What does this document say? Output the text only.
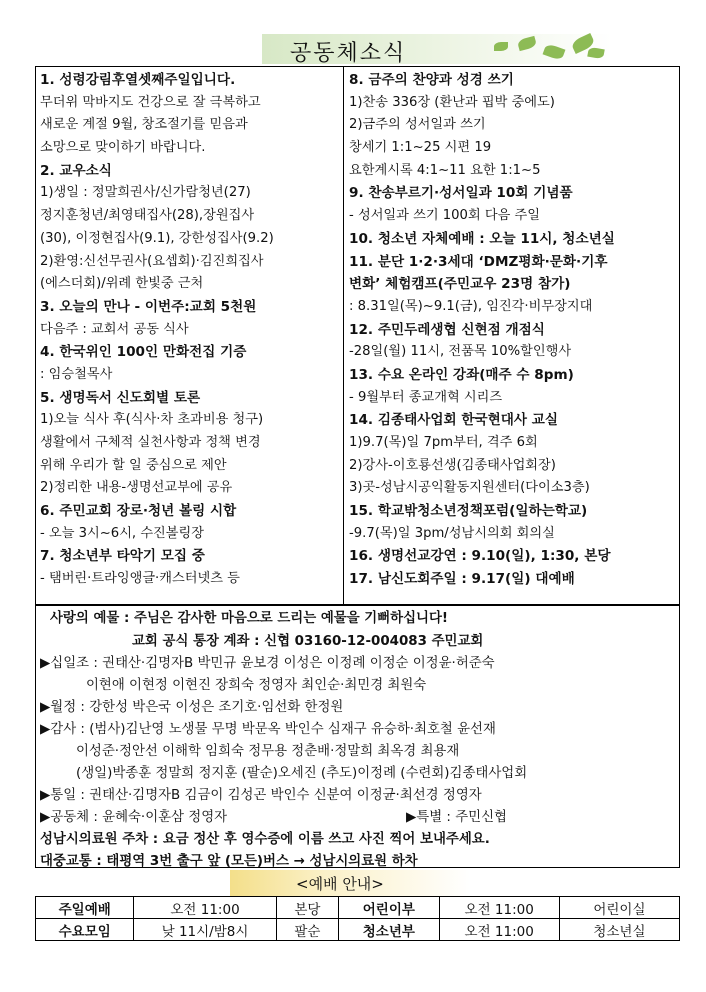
공동체소식
1. 성령강림후열셋째주일입니다.
무더위 막바지도 건강으로 잘 극복하고
새로운 계절 9월, 창조절기를 믿음과
소망으로 맞이하기 바랍니다.
2. 교우소식
1)생일 : 정말희권사/신가람청년(27)
정지훈청년/최영태집사(28),장원집사
(30), 이정현집사(9.1), 강한성집사(9.2)
2)환영:신선무권사(요셉회)·김진희집사
(에스더회)/위례 한빛중 근처
3. 오늘의 만나 - 이번주:교회 5천원
다음주 : 교회서 공동 식사
4. 한국위인 100인 만화전집 기증
: 임승철목사
5. 생명독서 신도회별 토론
1)오늘 식사 후(식사·차 초과비용 청구)
생활에서 구체적 실천사항과 정책 변경
위해 우리가 할 일 중심으로 제안
2)정리한 내용-생명선교부에 공유
6. 주민교회 장로·청년 볼링 시합
- 오늘 3시~6시, 수진볼링장
7. 청소년부 타악기 모집 중
- 탬버린·트라잉앵글·캐스터넷츠 등
8. 금주의 찬양과 성경 쓰기
1)찬송 336장 (환난과 핍박 중에도)
2)금주의 성서일과 쓰기
창세기 1:1~25 시편 19
요한계시록 4:1~11 요한 1:1~5
9. 찬송부르기·성서일과 10회 기념품
- 성서일과 쓰기 100회 다음 주일
10. 청소년 자체예배 : 오늘 11시, 청소년실
11. 분단 1·2·3세대 ‘DMZ평화·문화·기후
변화’ 체험캠프(주민교우 23명 참가)
: 8.31일(목)~9.1(금), 임진각·비무장지대
12. 주민두레생협 신현점 개점식
-28일(월) 11시, 전품목 10%할인행사
13. 수요 온라인 강좌(매주 수 8pm)
- 9월부터 종교개혁 시리즈
14. 김종태사업회 한국현대사 교실
1)9.7(목)일 7pm부터, 격주 6회
2)강사-이호룡선생(김종태사업회장)
3)곳-성남시공익활동지원센터(다이소3층)
15. 학교밖청소년정책포럼(일하는학교)
-9.7(목)일 3pm/성남시의회 회의실
16. 생명선교강연 : 9.10(일), 1:30, 본당
17. 남신도회주일 : 9.17(일) 대예배
사랑의 예물 : 주님은 감사한 마음으로 드리는 예물을 기뻐하십니다!
교회 공식 통장 계좌 : 신협 03160-12-004083 주민교회
▶십일조 : 권태산·김명자B 박민규 윤보경 이성은 이정례 이정순 이정윤·허준숙
이현애 이현정 이현진 장희숙 정영자 최인순·최민경 최원숙
▶월정 : 강한성 박은국 이성은 조기호·임선화 한정원
▶감사 : (범사)김난영 노생물 무명 박문옥 박인수 심재구 유승하·최호철 윤선재
이성준·정안선 이해학 임희숙 정무용 정춘배·정말희 최옥경 최용재
(생일)박종훈 정말희 정지훈 (팔순)오세진 (추도)이정례 (수련회)김종태사업회
▶통일 : 권태산·김명자B 김금이 김성곤 박인수 신분여 이정균·최선경 정영자
▶공동체 : 윤혜숙·이훈삼 정영자	▶특별 : 주민신협
성남시의료원 주차 : 요금 정산 후 영수증에 이름 쓰고 사진 찍어 보내주세요.
대중교통 : 태평역 3번 출구 앞 (모든)버스 → 성남시의료원 하차
<예배 안내>
주일예배	오전 11:00	본당	어린이부	오전 11:00	어린이실
수요모임	낮 11시/밤8시	팔순	청소년부	오전 11:00	청소년실
